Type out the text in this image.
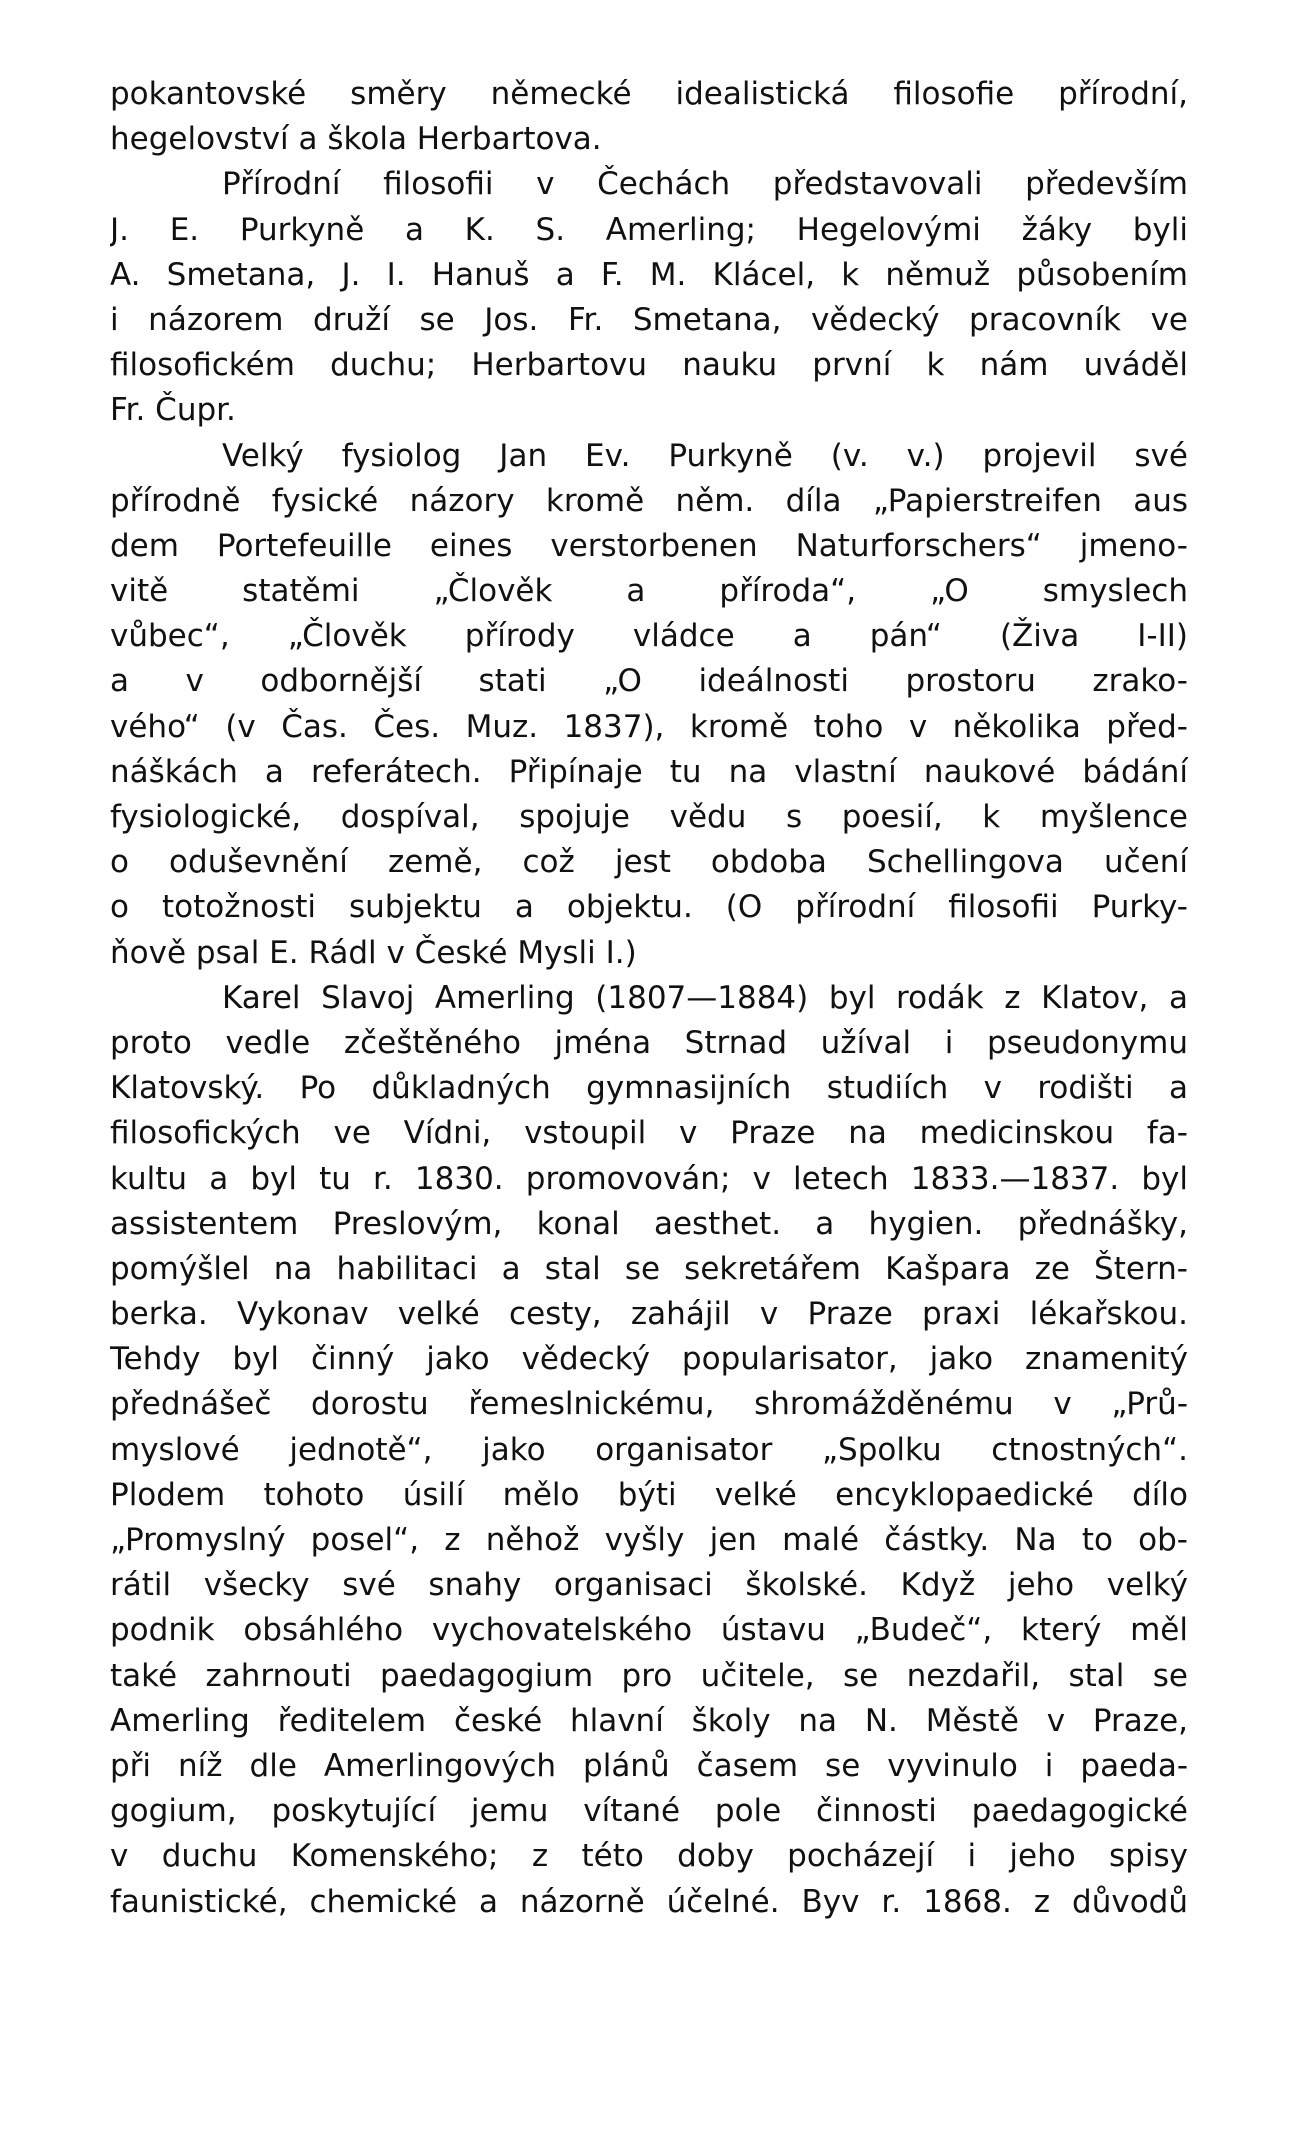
pokantovské směry německé idealistická filosofie přírodní,
hegelovství a škola Herbartova.
Přírodní filosofii v Čechách představovali především
J. E. Purkyně a K. S. Amerling; Hegelovými žáky byli
A. Smetana, J. I. Hanuš a F. M. Klácel, k němuž působením
i názorem druží se Jos. Fr. Smetana, vědecký pracovník ve
filosofickém duchu; Herbartovu nauku první k nám uváděl
Fr. Čupr.
Velký fysiolog Jan Ev. Purkyně (v. v.) projevil své
přírodně fysické názory kromě něm. díla „Papierstreifen aus
dem Portefeuille eines verstorbenen Naturforschers“ jmeno-
vitě statěmi „Člověk a příroda“, „O smyslech
vůbec“, „Člověk přírody vládce a pán“ (Živa I-II)
a v odbornější stati „O ideálnosti prostoru zrako-
vého“ (v Čas. Čes. Muz. 1837), kromě toho v několika před-
náškách a referátech. Připínaje tu na vlastní naukové bádání
fysiologické, dospíval, spojuje vědu s poesií, k myšlence
o oduševnění země, což jest obdoba Schellingova učení
o totožnosti subjektu a objektu. (O přírodní filosofii Purky-
ňově psal E. Rádl v České Mysli I.)
Karel Slavoj Amerling (1807—1884) byl rodák z Klatov, a
proto vedle zčeštěného jména Strnad užíval i pseudonymu
Klatovský. Po důkladných gymnasijních studiích v rodišti a
filosofických ve Vídni, vstoupil v Praze na medicinskou fa-
kultu a byl tu r. 1830. promovován; v letech 1833.—1837. byl
assistentem Preslovým, konal aesthet. a hygien. přednášky,
pomýšlel na habilitaci a stal se sekretářem Kašpara ze Štern-
berka. Vykonav velké cesty, zahájil v Praze praxi lékařskou.
Tehdy byl činný jako vědecký popularisator, jako znamenitý
přednášeč dorostu řemeslnickému, shromážděnému v „Prů-
myslové jednotě“, jako organisator „Spolku ctnostných“.
Plodem tohoto úsilí mělo býti velké encyklopaedické dílo
„Promyslný posel“, z něhož vyšly jen malé částky. Na to ob-
rátil všecky své snahy organisaci školské. Když jeho velký
podnik obsáhlého vychovatelského ústavu „Budeč“, který měl
také zahrnouti paedagogium pro učitele, se nezdařil, stal se
Amerling ředitelem české hlavní školy na N. Městě v Praze,
při níž dle Amerlingových plánů časem se vyvinulo i paeda-
gogium, poskytující jemu vítané pole činnosti paedagogické
v duchu Komenského; z této doby pocházejí i jeho spisy
faunistické, chemické a názorně účelné. Byv r. 1868. z důvodů
